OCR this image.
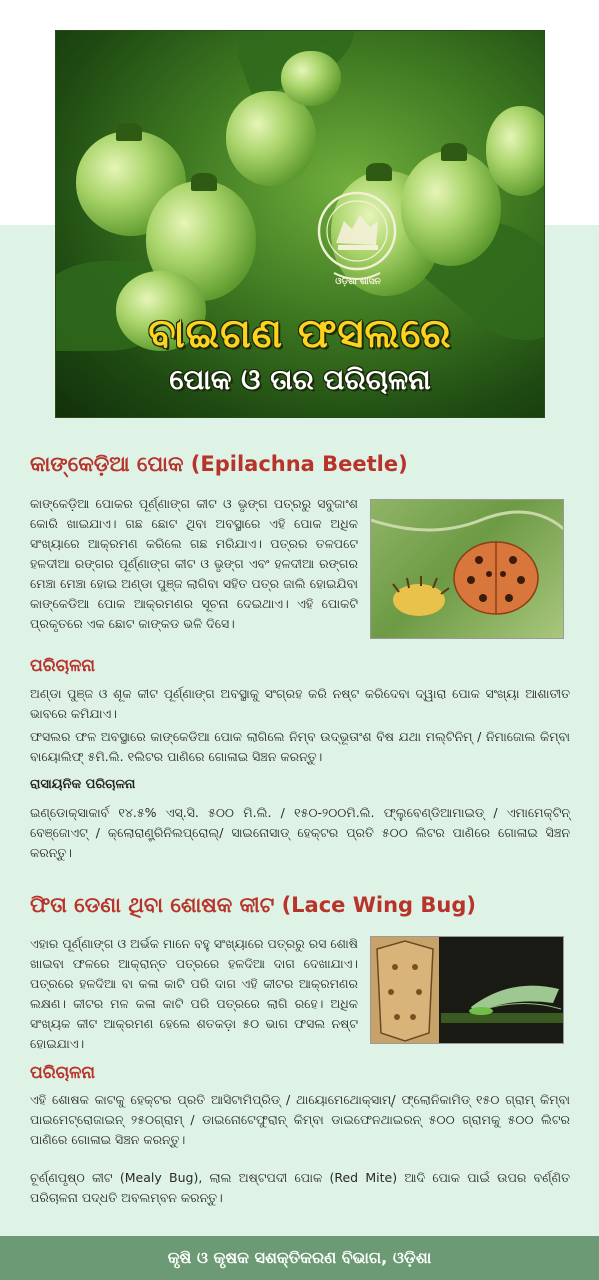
ଓଡ଼ିଶା ଶାସନ
ବାଇଗଣ ଫସଲରେ
ପୋକ ଓ ତାର ପରିଚାଳନା
କାଙ୍କେଡ଼ିଆ ପୋକ (Epilachna Beetle)
କାଙ୍କେଡ଼ିଆ ପୋକର ପୂର୍ଣ୍ଣାଙ୍ଗ କୀଟ ଓ ଭୃଙ୍ଗ ପତ୍ରରୁ ସବୁଜାଂଶ କୋରି ଖାଇଯାଏ। ଗଛ ଛୋଟ ଥିବା ଅବସ୍ଥାରେ ଏହି ପୋକ ଅଧିକ ସଂଖ୍ୟାରେ ଆକ୍ରମଣ କରିଲେ ଗଛ ମରିଯାଏ। ପତ୍ରର ତଳପଟେ ହଳଦୀଆ ରଙ୍ଗର ପୂର୍ଣ୍ଣାଙ୍ଗ କୀଟ ଓ ଭୃଙ୍ଗ ଏବଂ ହଳଦୀଆ ରଙ୍ଗର ମେଞ୍ଚା ମେଞ୍ଚା ହୋଇ ଅଣ୍ଡା ପୁଞ୍ଜ ଲାଗିବା ସହିତ ପତ୍ର ଜାଲି ହୋଇଯିବା କାଙ୍କେଡିଆ ପୋକ ଆକ୍ରମଣର ସୂଚନା ଦେଇଥାଏ। ଏହି ପୋକଟି ପ୍ରକୃତରେ ଏକ ଛୋଟ କାଙ୍କଡ ଭଳି ଦିସେ।
ପରିଚାଳନା
ଅଣ୍ଡା ପୁଞ୍ଜ ଓ ଶୂକ କୀଟ ପୂର୍ଣ୍ଣାଙ୍ଗ ଅବସ୍ଥାକୁ ସଂଗ୍ରହ କରି ନଷ୍ଟ କରିଦେବା ଦ୍ୱାରା ପୋକ ସଂଖ୍ୟା ଆଶାତୀତ ଭାବରେ କମିଯାଏ।
ଫସଲର ଫଳ ଅବସ୍ଥାରେ କାଙ୍କେଡିଆ ପୋକ ଲାଗିଲେ ନିମ୍ବ ଉଦ୍ଭୂତାଂଶ ବିଷ ଯଥା ମଲ୍ଟିନିମ୍ / ନିମାଜୋଲ କିମ୍ବା ବାୟୋଲିଫ୍ ୫ମି.ଲି. ୧ଲିଟର ପାଣିରେ ଗୋଳାଇ ସିଞ୍ଚନ କରନ୍ତୁ।
ରାସାୟନିକ ପରିଚାଳନା
ଇଣ୍ଡୋକ୍ସାକାର୍ବ ୧୪.୫% ଏସ୍.ସି. ୫୦୦ ମି.ଲି. / ୧୫୦-୨୦୦ମି.ଲି. ଫ୍ଲୁବେଣ୍ଡିଆମାଇଡ୍ / ଏମାମେକ୍ଟିନ୍ ବେଞ୍ଜୋଏଟ୍ / କ୍ଲୋରାଣ୍ଟ୍ରିନିଲପ୍ରୋଲ୍/ ସାଇନୋସାଡ୍ ହେକ୍ଟର ପ୍ରତି ୫୦୦ ଲିଟର ପାଣିରେ ଗୋଳାଇ ସିଞ୍ଚନ କରନ୍ତୁ।
ଫିତା ଡେଣା ଥିବା ଶୋଷକ କୀଟ (Lace Wing Bug)
ଏହାର ପୂର୍ଣ୍ଣାଙ୍ଗ ଓ ଅର୍ଭକ ମାନେ ବହୁ ସଂଖ୍ୟାରେ ପତ୍ରରୁ ରସ ଶୋଷି ଖାଇବା ଫଳରେ ଆକ୍ରାନ୍ତ ପତ୍ରରେ ହଳଦିଆ ଦାଗ ଦେଖାଯାଏ। ପତ୍ରରେ ହଳଦିଆ ବା କଳା କାଟି ପରି ଦାଗ ଏହି କୀଟର ଆକ୍ରମଣର ଲକ୍ଷଣ। କୀଟର ମଳ କଳା କାଟି ପରି ପତ୍ରରେ ଲାଗି ରହେ। ଅଧିକ ସଂଖ୍ୟକ କୀଟ ଆକ୍ରମଣ ହେଲେ ଶତକଡ଼ା ୫୦ ଭାଗ ଫସଲ ନଷ୍ଟ ହୋଇଯାଏ।
ପରିଚାଳନା
ଏହି ଶୋଷକ କାଟକୁ ହେକ୍ଟର ପ୍ରତି ଆସିଟାମିପ୍ରିଡ୍ / ଥାୟୋମେଥୋକ୍ସାମ୍/ ଫ୍ଲୋନିକାମିଡ୍ ୧୫୦ ଗ୍ରାମ୍ କିମ୍ବା ପାଇମେଟ୍ରୋଜାଇନ୍ ୨୫୦ଗ୍ରାମ୍ / ଡାଇନୋଟେଫୁରାନ୍ କିମ୍ବା ଡାଇଫେନଥାଇରନ୍ ୫୦୦ ଗ୍ରାମକୁ ୫୦୦ ଲିଟର ପାଣିରେ ଗୋଳାଇ ସିଞ୍ଚନ କରନ୍ତୁ।
ଚୂର୍ଣ୍ଣପୃଷ୍ଠ କୀଟ (Mealy Bug), ଲାଲ ଅଷ୍ଟପଦୀ ପୋକ (Red Mite) ଆଦି ପୋକ ପାଇଁ ଉପର ବର୍ଣ୍ଣିତ ପରିଚାଳନା ପଦ୍ଧତି ଅବଲମ୍ବନ କରନ୍ତୁ।
କୃଷି ଓ କୃଷକ ସଶକ୍ତିକରଣ ବିଭାଗ, ଓଡ଼ିଶା
